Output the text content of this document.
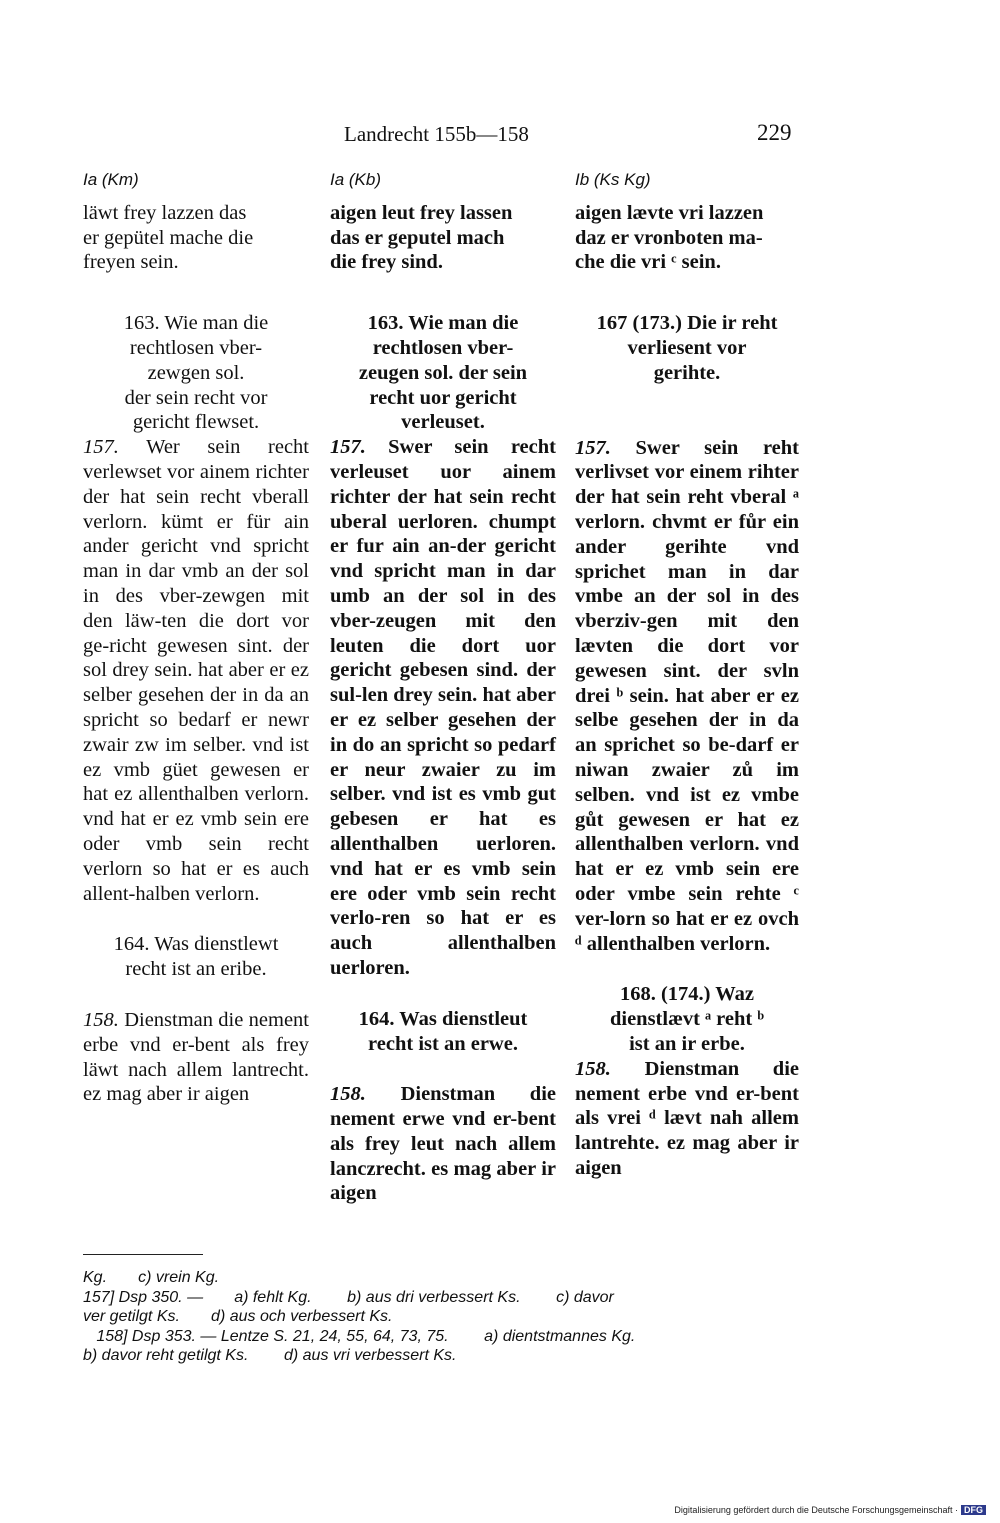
Landrecht 155b—158	229
Ia (Km)

läwt frey lazzen das
er gepütel mache die
freyen sein.

163. Wie man die
rechtlosen vber-
zewgen sol.
der sein recht vor
gericht flewset.

157. Wer sein recht verlewset vor ainem richter der hat sein recht vberall verlorn. kümt er für ain ander gericht vnd spricht man in dar vmb an der sol in des vber-zewgen mit den läw-ten die dort vor ge-richt gewesen sint. der sol drey sein. hat aber er ez selber gesehen der in da an spricht so bedarf er newr zwair zw im selber. vnd ist ez vmb güet gewesen er hat ez allenthalben verlorn. vnd hat er ez vmb sein ere oder vmb sein recht verlorn so hat er es auch allent-halben verlorn.

164. Was dienstlewt
recht ist an eribe.

158. Dienstman die nement erbe vnd er-bent als frey läwt nach allem lantrecht. ez mag aber ir aigen

Ia (Kb)

aigen leut frey lassen
das er geputel mach
die frey sind.

163. Wie man die
rechtlosen vber-
zeugen sol. der sein
recht uor gericht
verleuset.

157. Swer sein recht verleuset uor ainem richter der hat sein recht uberal uerloren. chumpt er fur ain an-der gericht vnd spricht man in dar umb an der sol in des vber-zeugen mit den leuten die dort uor gericht gebesen sind. der sul-len drey sein. hat aber er ez selber gesehen der in do an spricht so pedarf er neur zwaier zu im selber. vnd ist es vmb gut gebesen er hat es allenthalben uerloren. vnd hat er es vmb sein ere oder vmb sein recht verlo-ren so hat er es auch allenthalben uerloren.

164. Was dienstleut
recht ist an erwe.

158. Dienstman die nement erwe vnd er-bent als frey leut nach allem lanczrecht. es mag aber ir aigen

Ib (Ks Kg)

aigen lævte vri lazzen
daz er vronboten ma-
che die vri ᶜ sein.

167 (173.) Die ir reht
verliesent vor
gerihte.

157. Swer sein reht verlivset vor einem rihter der hat sein reht vberal ᵃ verlorn. chvmt er fůr ein ander gerihte vnd sprichet man in dar vmbe an der sol in des vberziv-gen mit den lævten die dort vor gewesen sint. der svln drei ᵇ sein. hat aber er ez selbe gesehen der in da an sprichet so be-darf er niwan zwaier zů im selben. vnd ist ez vmbe gůt gewesen er hat ez allenthalben verlorn. vnd hat er ez vmb sein ere oder vmbe sein rehte ᶜ ver-lorn so hat er ez ovch ᵈ allenthalben verlorn.

168. (174.) Waz
dienstlævt ᵃ reht ᵇ
ist an ir erbe.

158. Dienstman die nement erbe vnd er-bent als vrei ᵈ lævt nah allem lantrehte. ez mag aber ir aigen

Kg.       c) vrein Kg.
157] Dsp 350. —       a) fehlt Kg.        b) aus dri verbessert Ks.        c) davor
ver getilgt Ks.       d) aus och verbessert Ks.
158] Dsp 353. — Lentze S. 21, 24, 55, 64, 73, 75.        a) dientstmannes Kg.
b) davor reht getilgt Ks.        d) aus vri verbessert Ks.
Digitalisierung gefördert durch die Deutsche Forschungsgemeinschaft · DFG
